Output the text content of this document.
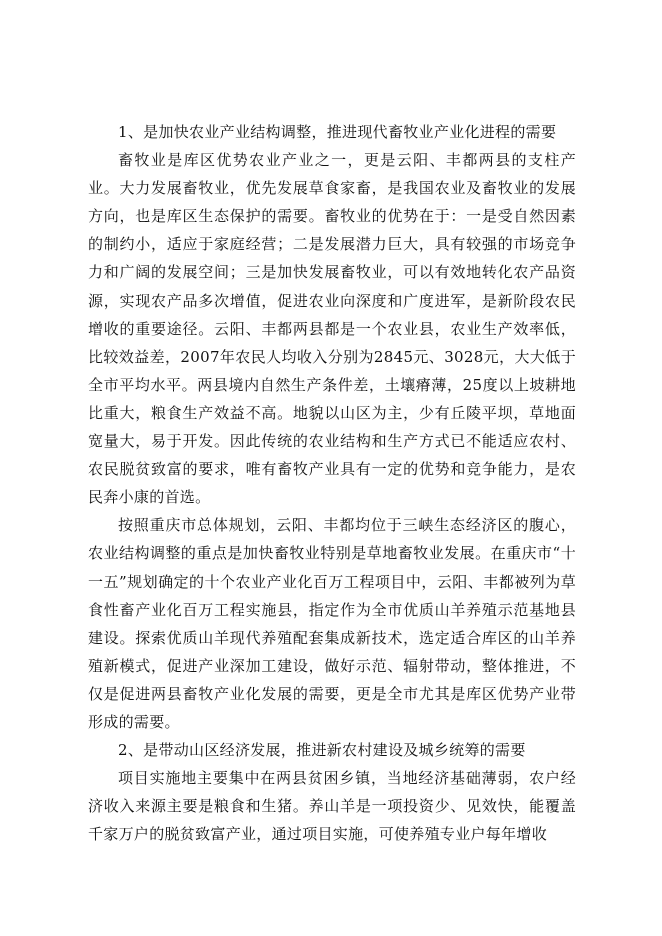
1、是加快农业产业结构调整，推进现代畜牧业产业化进程的需要

畜牧业是库区优势农业产业之一，更是云阳、丰都两县的支柱产业。大力发展畜牧业，优先发展草食家畜，是我国农业及畜牧业的发展方向，也是库区生态保护的需要。畜牧业的优势在于：一是受自然因素的制约小，适应于家庭经营；二是发展潜力巨大，具有较强的市场竞争力和广阔的发展空间；三是加快发展畜牧业，可以有效地转化农产品资源，实现农产品多次增值，促进农业向深度和广度进军，是新阶段农民增收的重要途径。云阳、丰都两县都是一个农业县，农业生产效率低，比较效益差，2007年农民人均收入分别为2845元、3028元，大大低于全市平均水平。两县境内自然生产条件差，土壤瘠薄，25度以上坡耕地比重大，粮食生产效益不高。地貌以山区为主，少有丘陵平坝，草地面宽量大，易于开发。因此传统的农业结构和生产方式已不能适应农村、农民脱贫致富的要求，唯有畜牧产业具有一定的优势和竞争能力，是农民奔小康的首选。

按照重庆市总体规划，云阳、丰都均位于三峡生态经济区的腹心，农业结构调整的重点是加快畜牧业特别是草地畜牧业发展。在重庆市“十一五”规划确定的十个农业产业化百万工程项目中，云阳、丰都被列为草食性畜产业化百万工程实施县，指定作为全市优质山羊养殖示范基地县建设。探索优质山羊现代养殖配套集成新技术，选定适合库区的山羊养殖新模式，促进产业深加工建设，做好示范、辐射带动，整体推进，不仅是促进两县畜牧产业化发展的需要，更是全市尤其是库区优势产业带形成的需要。

2、是带动山区经济发展，推进新农村建设及城乡统筹的需要

项目实施地主要集中在两县贫困乡镇，当地经济基础薄弱，农户经济收入来源主要是粮食和生猪。养山羊是一项投资少、见效快，能覆盖千家万户的脱贫致富产业，通过项目实施，可使养殖专业户每年增收
